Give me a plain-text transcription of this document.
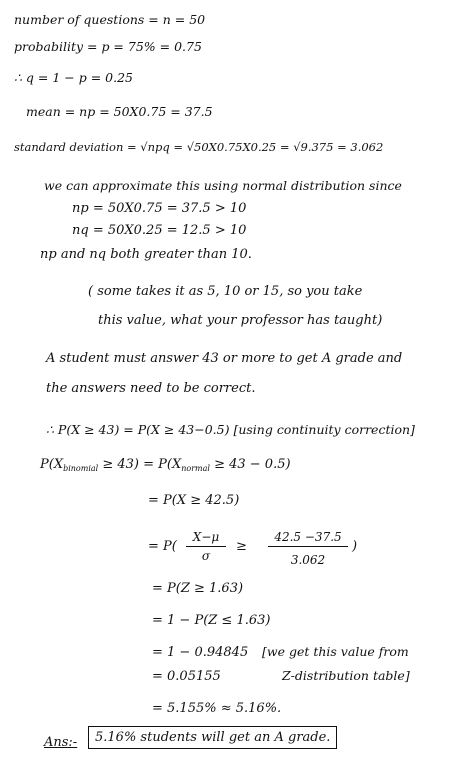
number of questions = n = 50
probability = p = 75% = 0.75
∴ q = 1 − p = 0.25
mean = np = 50X0.75 = 37.5
standard deviation = √npq = √50X0.75X0.25 = √9.375 = 3.062
we can approximate this using normal distribution since
np = 50X0.75 = 37.5 > 10
nq = 50X0.25 = 12.5 > 10
np and nq both greater than 10.
( some takes it as 5, 10 or 15, so you take
this value, what your professor has taught)
A student must answer 43 or more to get A grade and
the answers need to be correct.
∴ P(X ≥ 43) = P(X ≥ 43−0.5) [using continuity correction]
$P(X_{binomial} \ge 43) = P(X_{normal} \ge 43 - 0.5)$
= P(X ≥ 42.5)
= P(
X−μ
σ
≥
42.5 −37.5
3.062
)
= P(Z ≥ 1.63)
= 1 − P(Z ≤ 1.63)
= 1 − 0.94845 [we get this value from
= 0.05155	Z-distribution table]
= 5.155% ≈ 5.16%.
Ans:-	5.16% students will get an A grade.
